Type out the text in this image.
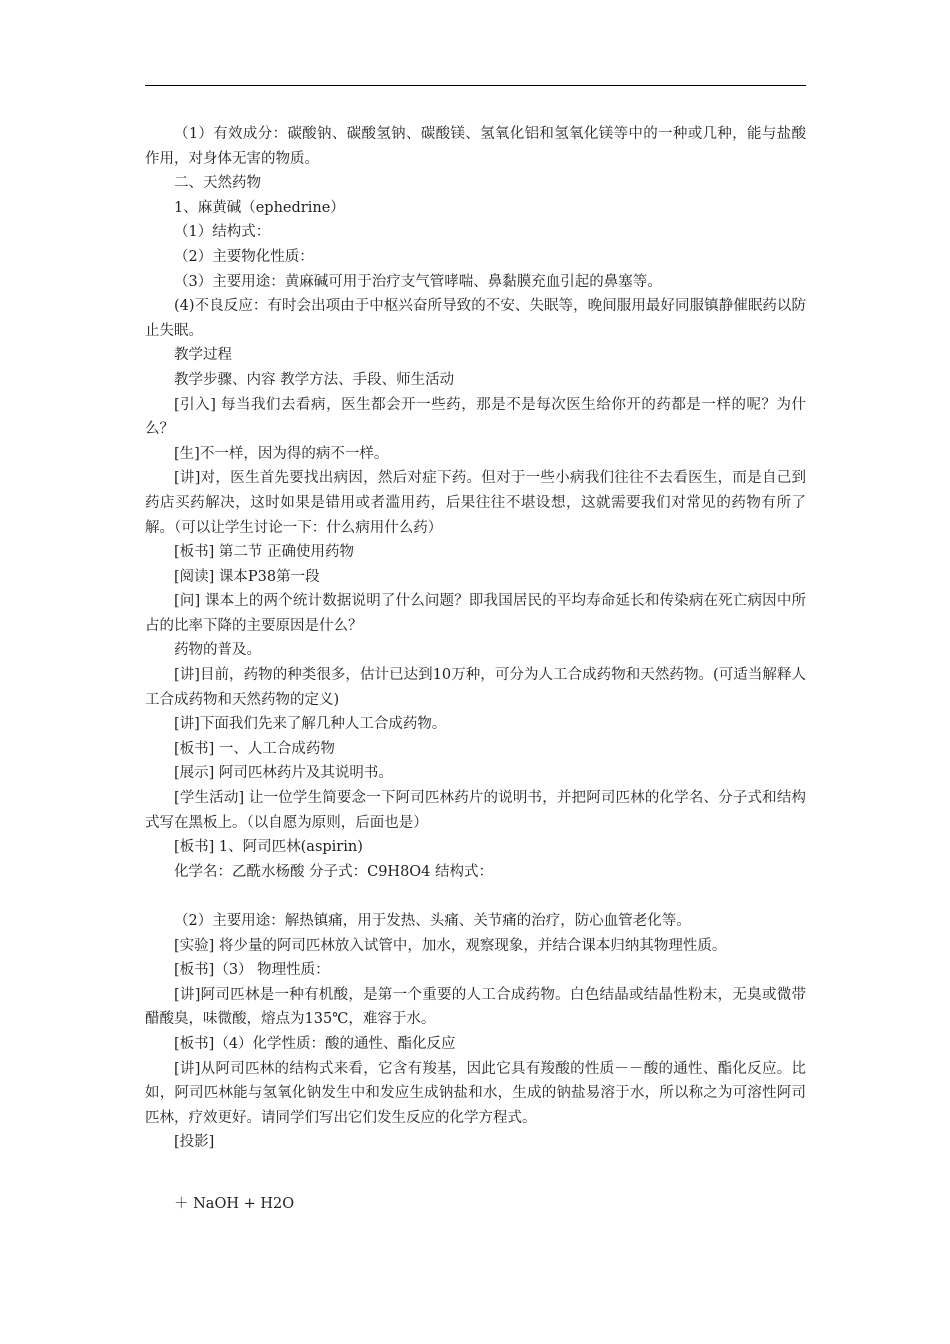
（1）有效成分：碳酸钠、碳酸氢钠、碳酸镁、氢氧化铝和氢氧化镁等中的一种或几种，能与盐酸作用，对身体无害的物质。

二、天然药物

1、麻黄碱（ephedrine）

（1）结构式：

（2）主要物化性质：

（3）主要用途：黄麻碱可用于治疗支气管哮喘、鼻黏膜充血引起的鼻塞等。

(4)不良反应：有时会出项由于中枢兴奋所导致的不安、失眠等，晚间服用最好同服镇静催眠药以防止失眠。

教学过程

教学步骤、内容 教学方法、手段、师生活动

[引入] 每当我们去看病，医生都会开一些药，那是不是每次医生给你开的药都是一样的呢？为什么？

[生]不一样，因为得的病不一样。

[讲]对，医生首先要找出病因，然后对症下药。但对于一些小病我们往往不去看医生，而是自己到药店买药解决，这时如果是错用或者滥用药，后果往往不堪设想，这就需要我们对常见的药物有所了解。（可以让学生讨论一下：什么病用什么药）

[板书] 第二节 正确使用药物

[阅读] 课本P38第一段

[问] 课本上的两个统计数据说明了什么问题？即我国居民的平均寿命延长和传染病在死亡病因中所占的比率下降的主要原因是什么？

药物的普及。

[讲]目前，药物的种类很多，估计已达到10万种，可分为人工合成药物和天然药物。(可适当解释人工合成药物和天然药物的定义)

[讲]下面我们先来了解几种人工合成药物。

[板书] 一、人工合成药物

[展示] 阿司匹林药片及其说明书。

[学生活动] 让一位学生简要念一下阿司匹林药片的说明书，并把阿司匹林的化学名、分子式和结构式写在黑板上。（以自愿为原则，后面也是）

[板书] 1、阿司匹林(aspirin)

化学名：乙酰水杨酸 分子式：C9H8O4 结构式：

（2）主要用途：解热镇痛，用于发热、头痛、关节痛的治疗，防心血管老化等。

[实验] 将少量的阿司匹林放入试管中，加水，观察现象，并结合课本归纳其物理性质。

[板书]（3） 物理性质：

[讲]阿司匹林是一种有机酸，是第一个重要的人工合成药物。白色结晶或结晶性粉末，无臭或微带醋酸臭，味微酸，熔点为135℃，难容于水。

[板书]（4）化学性质：酸的通性、酯化反应

[讲]从阿司匹林的结构式来看，它含有羧基，因此它具有羧酸的性质－－酸的通性、酯化反应。比如，阿司匹林能与氢氧化钠发生中和发应生成钠盐和水，生成的钠盐易溶于水，所以称之为可溶性阿司匹林，疗效更好。请同学们写出它们发生反应的化学方程式。

[投影]

＋ NaOH + H2O
